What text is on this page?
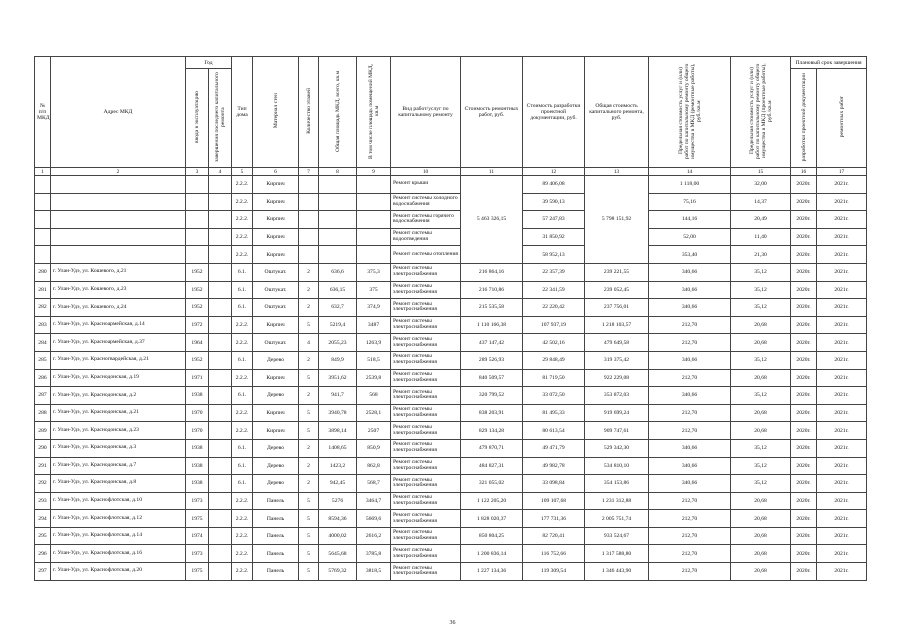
№ п/п МКД	Адрес МКД	Год		Тип дома	Материал стен	Количество этажей	Общая площадь МКД, всего, кв.м	В том числе площадь помещений МКД, кв.м	Вид работ/услуг по капитальному ремонту	Стоимость ремонтных работ, руб.	Стоимость разработки проектной документации, руб.	Общая стоимость капитального ремонта, руб.	Предельная стоимость услуг и (или) работ по капитальному ремонту общего имущества в МКД (ремонтные работы), руб./кв.м	Предельная стоимость услуг и (или) работ по капитальному ремонту общего имущества в МКД (проектные работы), руб./кв.м	Плановый срок завершения	
		ввода в эксплуатацию	завершения последнего капитального ремонта												разработки проектной документации	ремонтных работ
1	2	3	4	5	6	7	8	9	10	11	12	13	14	15	16	17
				2.2.2.	Кирпич				Ремонт крыши	5 463 326,15	89 406,08	5 798 151,92	1 118,00	32,00	2020г.	2021г.
				2.2.2.	Кирпич				Ремонт системы холодного водоснабжения		39 590,13		75,16	14,37	2020г.	2021г.
				2.2.2.	Кирпич				Ремонт системы горячего водоснабжения		57 247,83		144,16	20,49	2020г.	2021г.
				2.2.2.	Кирпич				Ремонт системы водоотведения		31 850,92		52,00	11,40	2020г.	2021г.
				2.2.2.	Кирпич				Ремонт системы отопления		58 952,13		353,40	21,30	2020г.	2021г.
280	г. Улан-Удэ, ул. Кошевого, д.21	1952		6.1.	Оштукат.	2	636,6	375,3	Ремонт системы электроснабжения	216 864,16	22 357,39	239 221,55	340,66	35,12	2020г.	2021г.
281	г. Улан-Удэ, ул. Кошевого, д.23	1952		6.1.	Оштукат.	2	636,15	375	Ремонт системы электроснабжения	216 710,86	22 341,59	239 052,45	340,66	35,12	2020г.	2021г.
282	г. Улан-Удэ, ул. Кошевого, д.24	1952		6.1.	Оштукат.	2	632,7	374,9	Ремонт системы электроснабжения	215 535,58	22 220,42	237 756,01	340,66	35,12	2020г.	2021г.
283	г. Улан-Удэ, ул. Красноармейская, д.14	1972		2.2.2.	Кирпич	5	5219,4	3487	Ремонт системы электроснабжения	1 110 166,38	107 937,19	1 218 103,57	212,70	20,68	2020г.	2021г.
284	г. Улан-Удэ, ул. Красноармейская, д.37	1964		2.2.2.	Оштукат.	4	2055,23	1263,9	Ремонт системы электроснабжения	437 147,42	42 502,16	479 649,58	212,70	20,68	2020г.	2021г.
285	г. Улан-Удэ, ул. Красногвардейская, д.21	1952		6.1.	Дерево	2	849,9	518,5	Ремонт системы электроснабжения	289 526,93	29 848,49	319 375,42	340,66	35,12	2020г.	2021г.
286	г. Улан-Удэ, ул. Краснодонская, д.19	1971		2.2.2.	Кирпич	5	3951,62	2539,8	Ремонт системы электроснабжения	840 509,57	81 719,50	922 229,08	212,70	20,68	2020г.	2021г.
287	г. Улан-Удэ, ул. Краснодонская, д.2	1938		6.1.	Дерево	2	941,7	568	Ремонт системы электроснабжения	320 799,52	33 072,50	353 872,03	340,66	35,12	2020г.	2021г.
288	г. Улан-Удэ, ул. Краснодонская, д.21	1970		2.2.2.	Кирпич	5	3940,78	2528,1	Ремонт системы электроснабжения	838 203,91	81 495,33	919 699,24	212,70	20,68	2020г.	2021г.
289	г. Улан-Удэ, ул. Краснодонская, д.23	1970		2.2.2.	Кирпич	5	3898,14	2507	Ремонт системы электроснабжения	829 134,28	80 613,54	909 747,61	212,70	20,68	2020г.	2021г.
290	г. Улан-Удэ, ул. Краснодонская, д.3	1938		6.1.	Дерево	2	1408,65	850,9	Ремонт системы электроснабжения	479 870,71	49 471,79	529 342,30	340,66	35,12	2020г.	2021г.
291	г. Улан-Удэ, ул. Краснодонская, д.7	1938		6.1.	Дерево	2	1423,2	862,8	Ремонт системы электроснабжения	484 827,31	49 982,78	534 810,10	340,66	35,12	2020г.	2021г.
292	г. Улан-Удэ, ул. Краснодонская, д.8	1938		6.1.	Дерево	2	942,45	568,7	Ремонт системы электроснабжения	321 055,02	33 098,84	354 153,86	340,66	35,12	2020г.	2021г.
293	г. Улан-Удэ, ул. Краснофлотская, д.10	1973		2.2.2.	Панель	5	5276	3464,7	Ремонт системы электроснабжения	1 122 205,20	109 107,68	1 231 312,88	212,70	20,68	2020г.	2021г.
294	г. Улан-Удэ, ул. Краснофлотская, д.12	1975		2.2.2.	Панель	5	8594,36	5669,6	Ремонт системы электроснабжения	1 828 020,37	177 731,36	2 005 751,74	212,70	20,68	2020г.	2021г.
295	г. Улан-Удэ, ул. Краснофлотская, д.14	1974		2.2.2.	Панель	5	4000,02	2616,2	Ремонт системы электроснабжения	850 804,25	82 720,41	933 524,67	212,70	20,68	2020г.	2021г.
296	г. Улан-Удэ, ул. Краснофлотская, д.16	1973		2.2.2.	Панель	5	5645,68	3785,8	Ремонт системы электроснабжения	1 200 836,14	116 752,66	1 317 588,80	212,70	20,68	2020г.	2021г.
297	г. Улан-Удэ, ул. Краснофлотская, д.20	1975		2.2.2.	Панель	5	5769,32	3818,5	Ремонт системы электроснабжения	1 227 134,36	119 309,54	1 346 443,90	212,70	20,68	2020г.	2021г.
36
